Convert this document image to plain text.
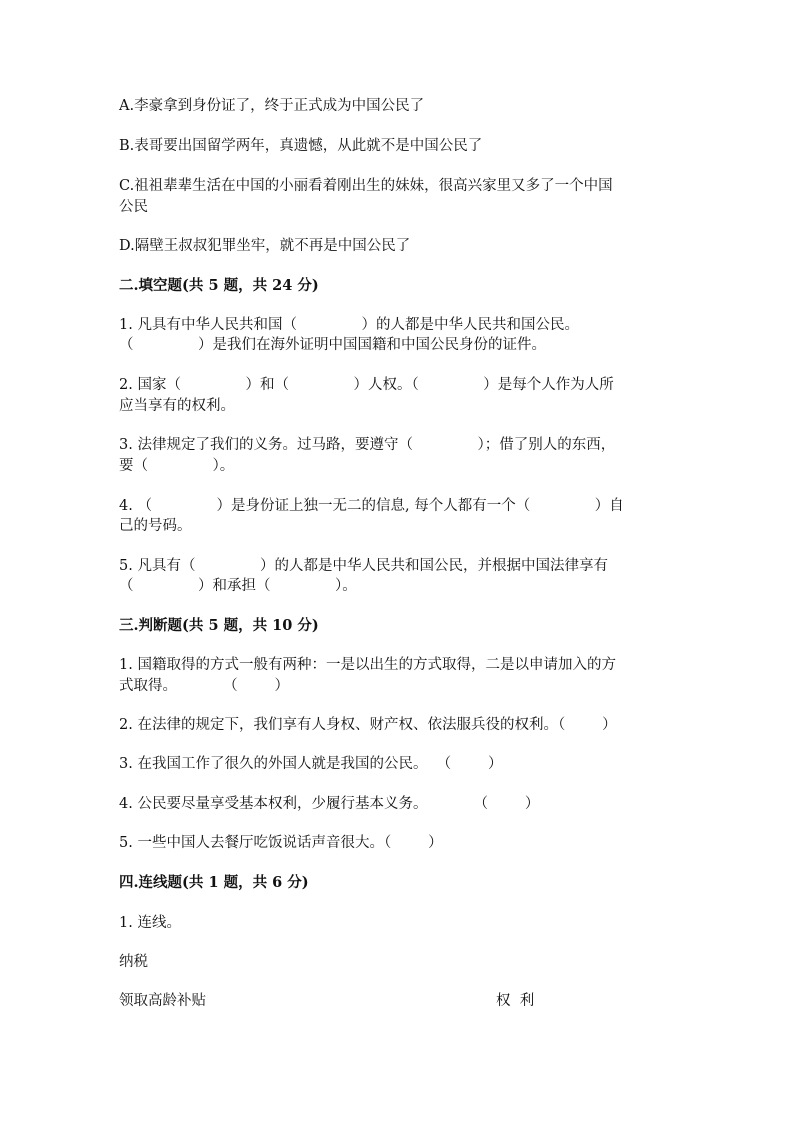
A.李豪拿到身份证了，终于正式成为中国公民了
B.表哥要出国留学两年，真遗憾，从此就不是中国公民了
C.祖祖辈辈生活在中国的小丽看着刚出生的妹妹，很高兴家里又多了一个中国
公民
D.隔壁王叔叔犯罪坐牢，就不再是中国公民了
二.填空题(共 5 题，共 24 分)
1. 凡具有中华人民共和国（              ）的人都是中华人民共和国公民。
（              ）是我们在海外证明中国国籍和中国公民身份的证件。
2. 国家（              ）和（              ）人权。（              ）是每个人作为人所
应当享有的权利。
3. 法律规定了我们的义务。过马路，要遵守（              ）；借了别人的东西，
要（              ）。
4. （              ）是身份证上独一无二的信息, 每个人都有一个（              ）自
己的号码。
5. 凡具有（              ）的人都是中华人民共和国公民，并根据中国法律享有
（              ）和承担（              ）。
三.判断题(共 5 题，共 10 分)
1. 国籍取得的方式一般有两种：一是以出生的方式取得，二是以申请加入的方
式取得。          （        ）
2. 在法律的规定下，我们享有人身权、财产权、依法服兵役的权利。（        ）
3. 在我国工作了很久的外国人就是我国的公民。  （        ）
4. 公民要尽量享受基本权利，少履行基本义务。          （        ）
5. 一些中国人去餐厅吃饭说话声音很大。（        ）
四.连线题(共 1 题，共 6 分)
1. 连线。
纳税
领取高龄补贴	权  利
